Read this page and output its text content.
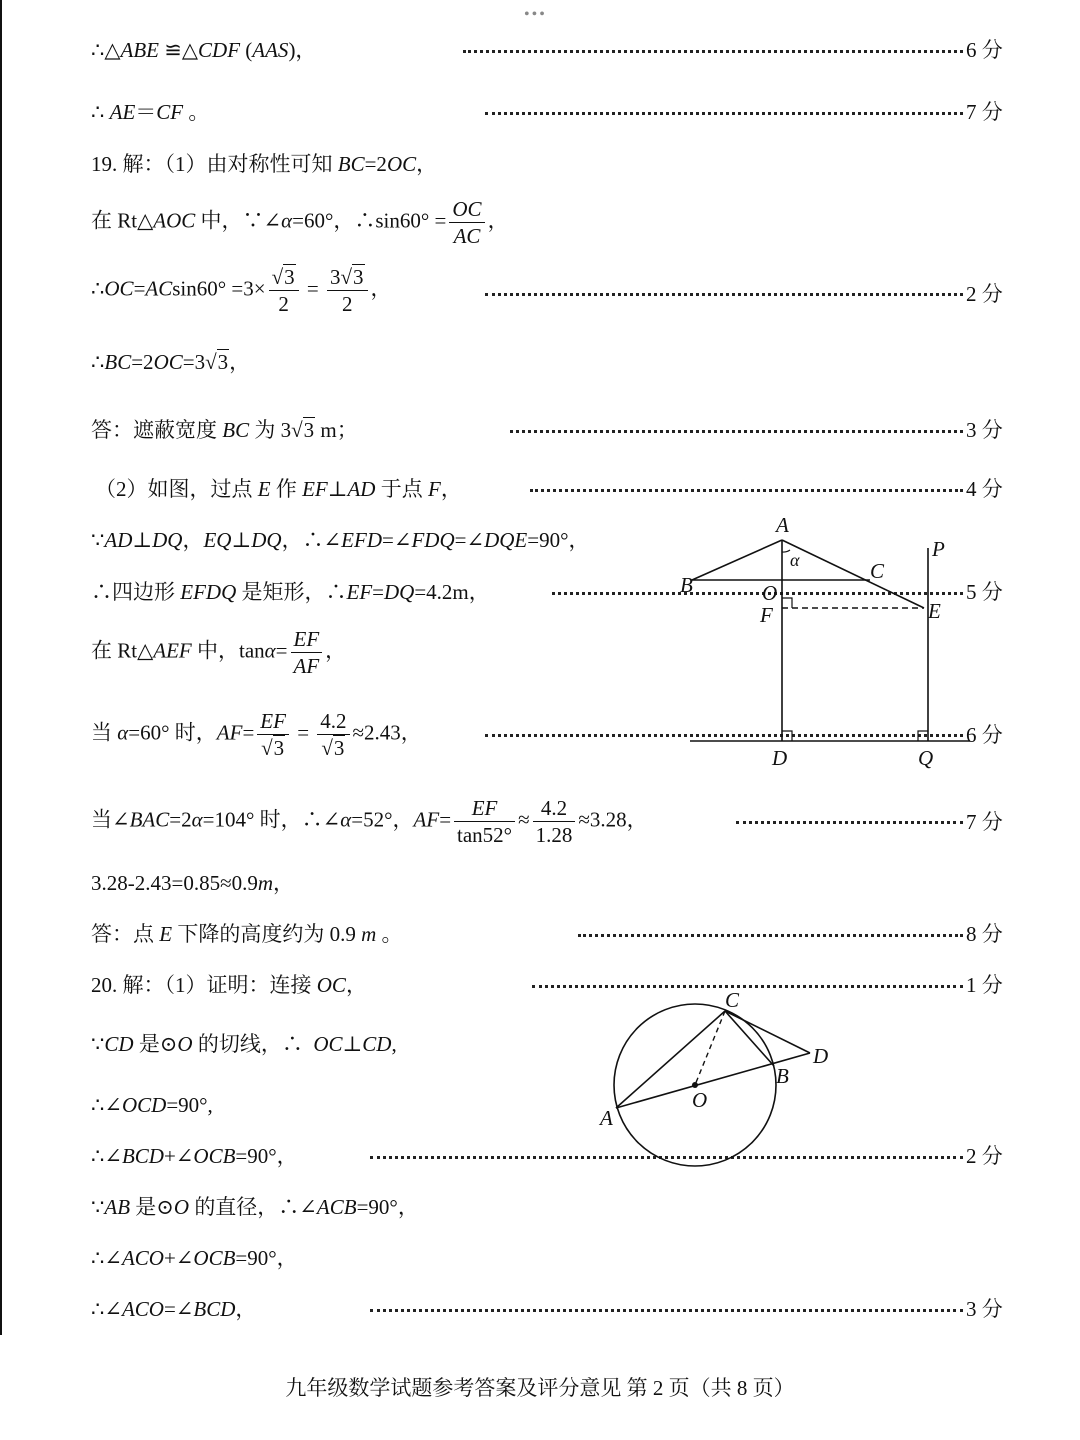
•••
∴△ABE ≌△CDF (AAS)，	6 分
∴ AE＝CF 。	7 分
19. 解：（1）由对称性可知 BC=2OC，
在 Rt△AOC 中，∵∠α=60°，∴sin60° = $\frac{OC}{AC}$ ，
∴OC=ACsin60° $=3\times \frac{√3}{2} = \frac{3√3}{2}$ ，	2 分
∴BC=2OC=3√3，
答：遮蔽宽度 BC 为 3√3 m；	3 分
（2）如图，过点 E 作 EF⊥AD 于点 F，	4 分
∵AD⊥DQ，EQ⊥DQ，∴∠EFD=∠FDQ=∠DQE=90°，
∴四边形 EFDQ 是矩形，∴EF=DQ=4.2m，	5 分
在 Rt△AEF 中，$\tan\alpha= \frac{EF}{AF}$ ，
当 α=60° 时，$AF= \frac{EF}{√3} = \frac{4.2}{√3} \approx 2.43$，	6 分
当∠BAC=2α=104° 时，∴∠α=52°，$AF= \frac{EF}{\tan 52^\circ} \approx \frac{4.2}{1.28} \approx 3.28$，	7 分
3.28-2.43=0.85≈0.9m，
答：点 E 下降的高度约为 0.9 m 。	8 分
20. 解：（1）证明：连接 OC，	1 分
∵CD 是⊙O 的切线，∴ OC⊥CD,
∴∠OCD=90°,
∴∠BCD+∠OCB=90°，	2 分
∵AB 是⊙O 的直径，∴∠ACB=90°，
∴∠ACO+∠OCB=90°，
∴∠ACO=∠BCD，	3 分
A
α
B
C
O
F	E
P
D	Q
A
C
D
B
O
九年级数学试题参考答案及评分意见 第 2 页（共 8 页）
